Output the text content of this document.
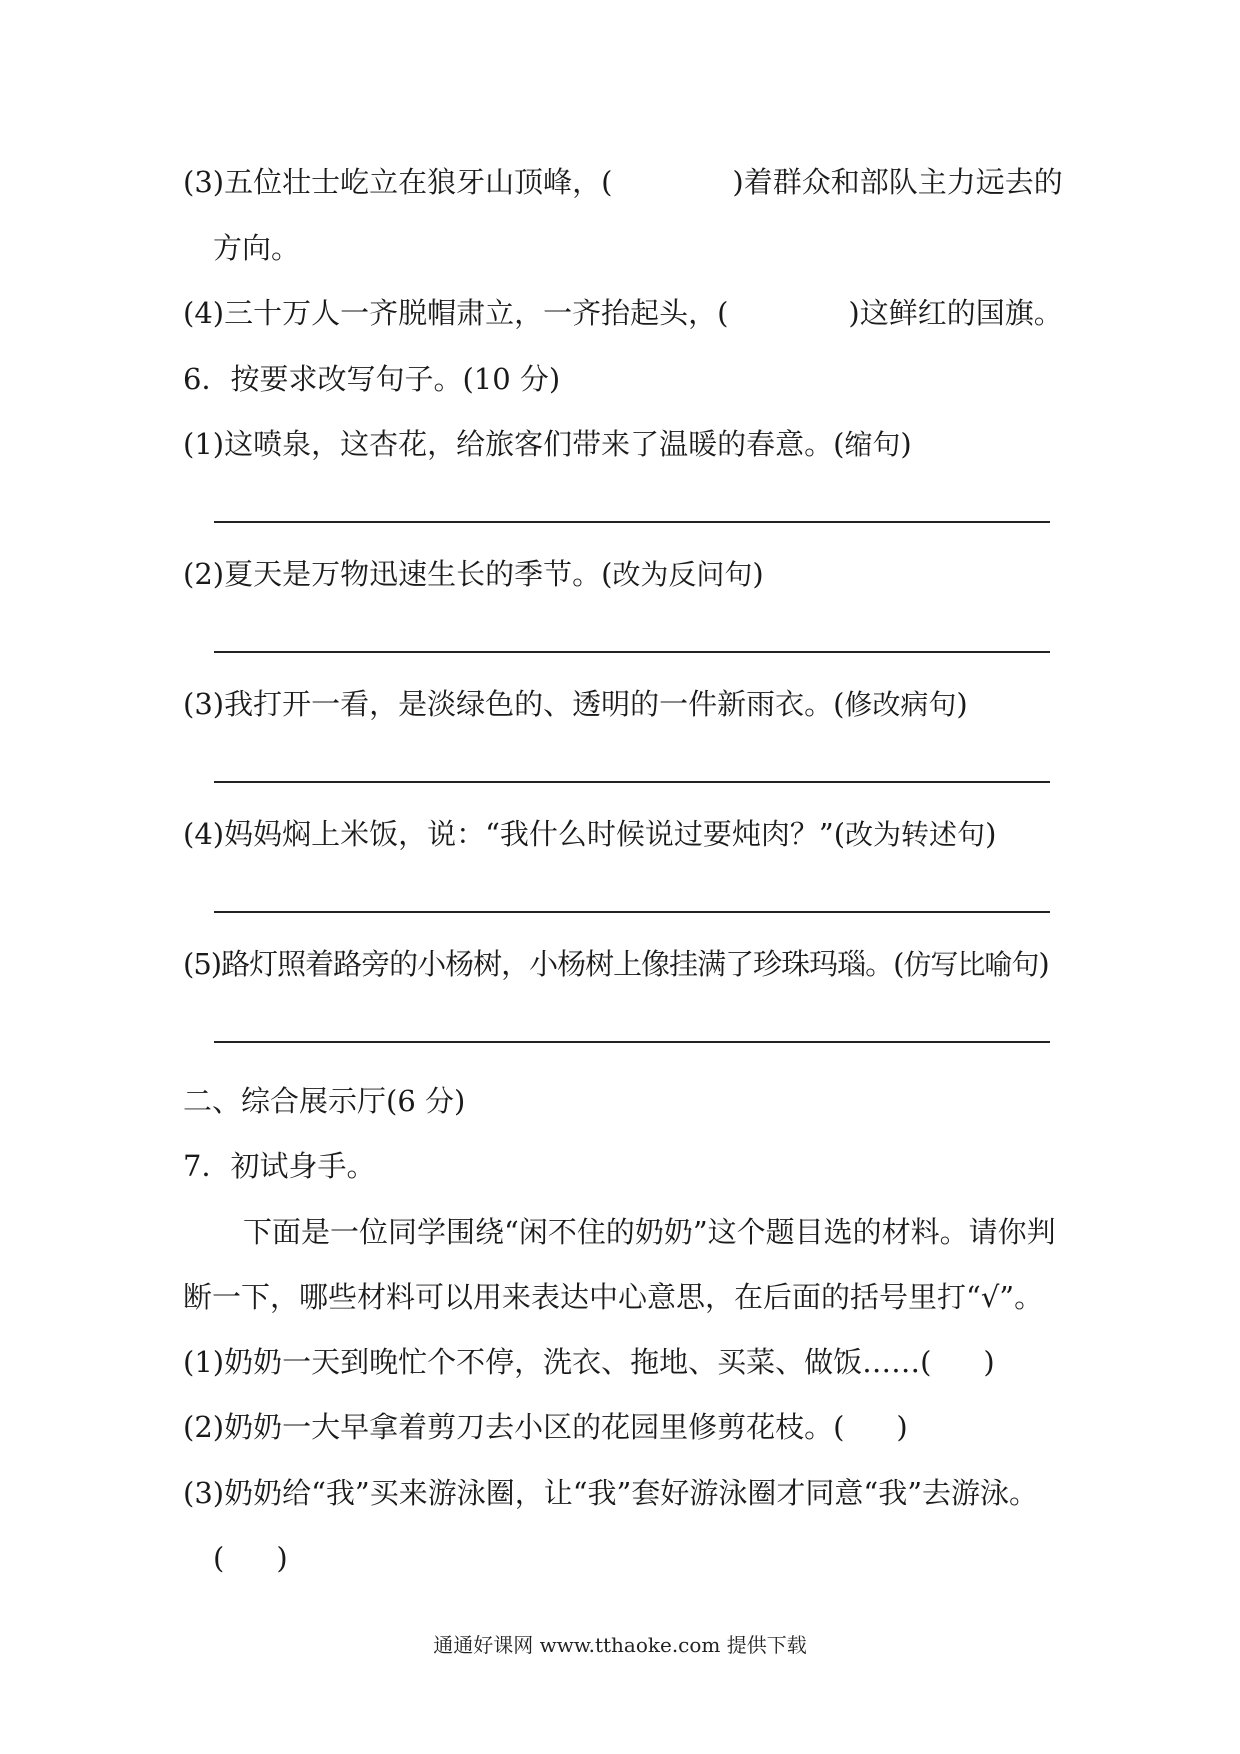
(3)五位壮士屹立在狼牙山顶峰，(	)着群众和部队主力远去的
方向。
(4)三十万人一齐脱帽肃立，一齐抬起头，(	)这鲜红的国旗。
6．按要求改写句子。(10 分)
(1)这喷泉，这杏花，给旅客们带来了温暖的春意。(缩句)
(2)夏天是万物迅速生长的季节。(改为反问句)
(3)我打开一看，是淡绿色的、透明的一件新雨衣。(修改病句)
(4)妈妈焖上米饭，说：“我什么时候说过要炖肉？”(改为转述句)
(5)路灯照着路旁的小杨树，小杨树上像挂满了珍珠玛瑙。(仿写比喻句)
二、综合展示厅(6 分)
7．初试身手。
下面是一位同学围绕“闲不住的奶奶”这个题目选的材料。请你判
断一下，哪些材料可以用来表达中心意思，在后面的括号里打“√”。
(1)奶奶一天到晚忙个不停，洗衣、拖地、买菜、做饭……( )
(2)奶奶一大早拿着剪刀去小区的花园里修剪花枝。( )
(3)奶奶给“我”买来游泳圈，让“我”套好游泳圈才同意“我”去游泳。
( )
通通好课网 www.tthaoke.com 提供下载
